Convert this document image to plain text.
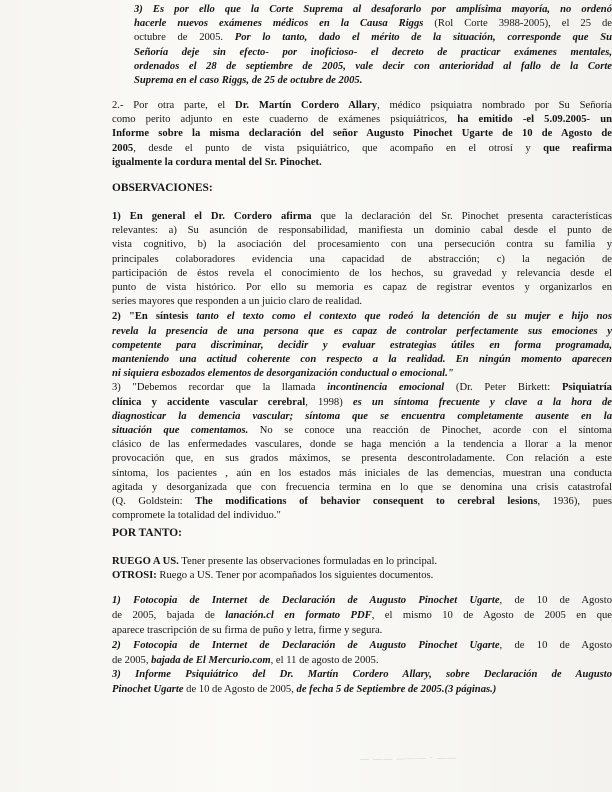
3) Es por ello que la Corte Suprema al desaforarlo por amplísima mayoría, no ordenó
hacerle nuevos exámenes médicos en la Causa Riggs (Rol Corte 3988-2005), el 25 de
octubre de 2005. Por lo tanto, dado el mérito de la situación, corresponde que Su
Señoría deje sin efecto- por inoficioso- el decreto de practicar exámenes mentales,
ordenados el 28 de septiembre de 2005, vale decir con anterioridad al fallo de la Corte
Suprema en el caso Riggs, de 25 de octubre de 2005.
2.- Por otra parte, el Dr. Martín Cordero Allary, médico psiquiatra nombrado por Su Señoría
como perito adjunto en este cuaderno de exámenes psiquiátricos, ha emitido -el 5.09.2005- un
Informe sobre la misma declaración del señor Augusto Pinochet Ugarte de 10 de Agosto de
2005, desde el punto de vista psiquiátrico, que acompaño en el otrosí y que reafirma
igualmente la cordura mental del Sr. Pinochet.
OBSERVACIONES:
1) En general el Dr. Cordero afirma que la declaración del Sr. Pinochet presenta características
relevantes: a) Su asunción de responsabilidad, manifiesta un dominio cabal desde el punto de
vista cognitivo, b) la asociación del procesamiento con una persecución contra su familia y
principales colaboradores evidencia una capacidad de abstracción; c) la negación de
participación de éstos revela el conocimiento de los hechos, su gravedad y relevancia desde el
punto de vista histórico. Por ello su memoria es capaz de registrar eventos y organizarlos en
series mayores que responden a un juicio claro de realidad.
2) "En síntesis tanto el texto como el contexto que rodeó la detención de su mujer e hijo nos
revela la presencia de una persona que es capaz de controlar perfectamente sus emociones y
competente para discriminar, decidir y evaluar estrategias útiles en forma programada,
manteniendo una actitud coherente con respecto a la realidad. En ningún momento aparecen
ni siquiera esbozados elementos de desorganización conductual o emocional."
3) "Debemos recordar que la llamada incontinencia emocional (Dr. Peter Birkett: Psiquiatría
clínica y accidente vascular cerebral, 1998) es un síntoma frecuente y clave a la hora de
diagnosticar la demencia vascular; síntoma que se encuentra completamente ausente en la
situación que comentamos. No se conoce una reacción de Pinochet, acorde con el síntoma
clásico de las enfermedades vasculares, donde se haga mención a la tendencia a llorar a la menor
provocación que, en sus grados máximos, se presenta descontroladamente. Con relación a este
síntoma, los pacientes , aún en los estados más iniciales de las demencias, muestran una conducta
agitada y desorganizada que con frecuencia termina en lo que se denomina una crisis catastrofal
(Q. Goldstein: The modifications of behavior consequent to cerebral lesions, 1936), pues
compromete la totalidad del individuo."
POR TANTO:
RUEGO A US. Tener presente las observaciones formuladas en lo principal.
OTROSI: Ruego a US. Tener por acompañados los siguientes documentos.
1) Fotocopia de Internet de Declaración de Augusto Pinochet Ugarte, de 10 de Agosto
de 2005, bajada de lanación.cl en formato PDF, el mismo 10 de Agosto de 2005 en que
aparece trascripción de su firma de puño y letra, firme y segura.
2) Fotocopia de Internet de Declaración de Augusto Pinochet Ugarte, de 10 de Agosto
de 2005, bajada de El Mercurio.com, el 11 de agosto de 2005.
3) Informe Psiquiátrico del Dr. Martín Cordero Allary, sobre Declaración de Augusto
Pinochet Ugarte de 10 de Agosto de 2005, de fecha 5 de Septiembre de 2005.(3 páginas.)
— —— ——— · ——
